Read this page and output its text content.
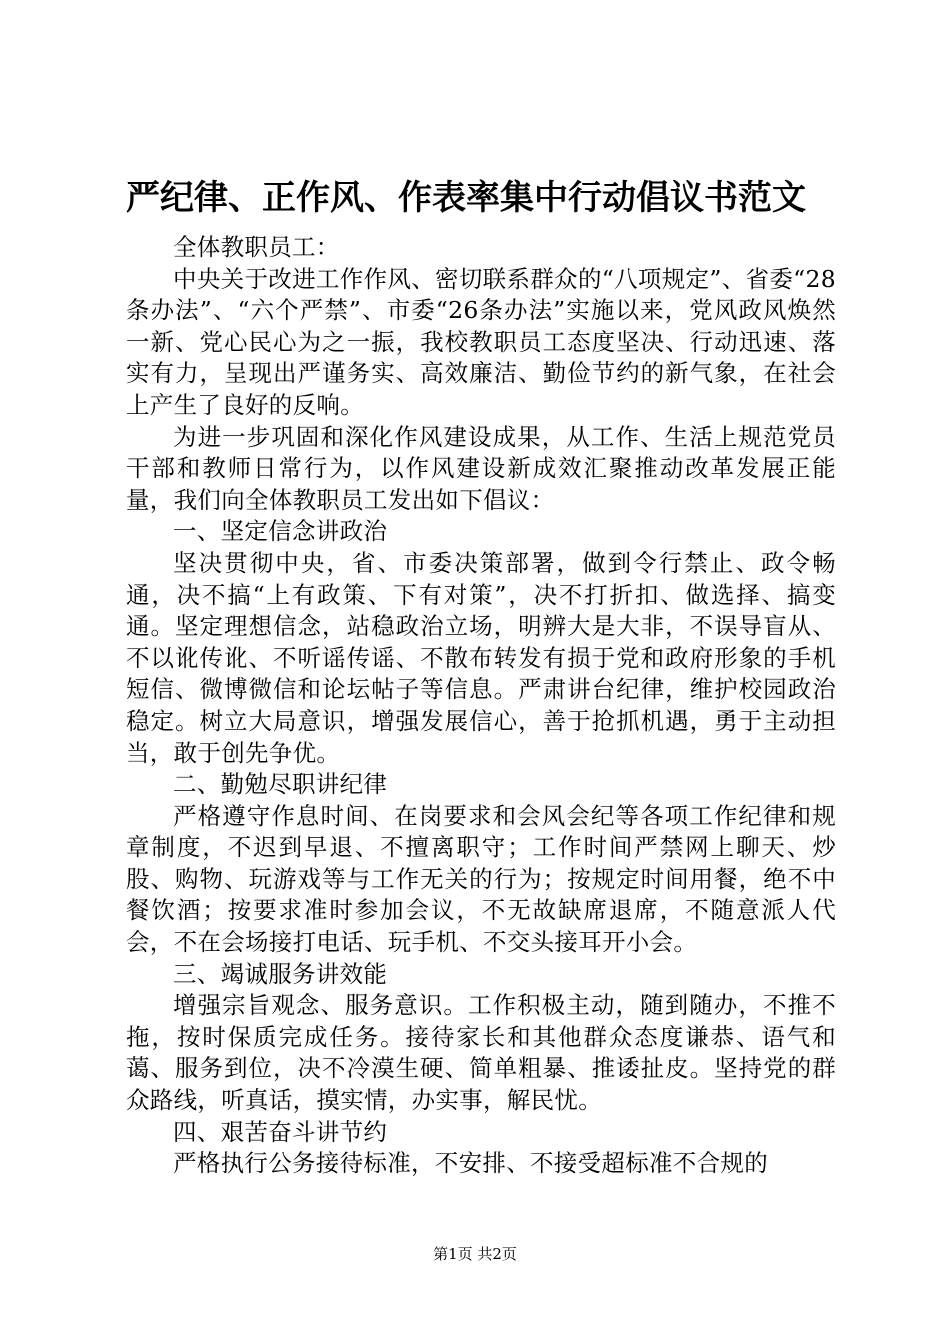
严纪律、正作风、作表率集中行动倡议书范文

全体教职员工：

中央关于改进工作作风、密切联系群众的“八项规定”、省委“28条办法”、“六个严禁”、市委“26条办法”实施以来，党风政风焕然一新、党心民心为之一振，我校教职员工态度坚决、行动迅速、落实有力，呈现出严谨务实、高效廉洁、勤俭节约的新气象，在社会上产生了良好的反响。

为进一步巩固和深化作风建设成果，从工作、生活上规范党员干部和教师日常行为，以作风建设新成效汇聚推动改革发展正能量，我们向全体教职员工发出如下倡议：

一、坚定信念讲政治

坚决贯彻中央，省、市委决策部署，做到令行禁止、政令畅通，决不搞“上有政策、下有对策”，决不打折扣、做选择、搞变通。坚定理想信念，站稳政治立场，明辨大是大非，不误导盲从、不以讹传讹、不听谣传谣、不散布转发有损于党和政府形象的手机短信、微博微信和论坛帖子等信息。严肃讲台纪律，维护校园政治稳定。树立大局意识，增强发展信心，善于抢抓机遇，勇于主动担当，敢于创先争优。

二、勤勉尽职讲纪律

严格遵守作息时间、在岗要求和会风会纪等各项工作纪律和规章制度，不迟到早退、不擅离职守；工作时间严禁网上聊天、炒股、购物、玩游戏等与工作无关的行为；按规定时间用餐，绝不中餐饮酒；按要求准时参加会议，不无故缺席退席，不随意派人代会，不在会场接打电话、玩手机、不交头接耳开小会。

三、竭诚服务讲效能

增强宗旨观念、服务意识。工作积极主动，随到随办，不推不拖，按时保质完成任务。接待家长和其他群众态度谦恭、语气和蔼、服务到位，决不冷漠生硬、简单粗暴、推诿扯皮。坚持党的群众路线，听真话，摸实情，办实事，解民忧。

四、艰苦奋斗讲节约

严格执行公务接待标准，不安排、不接受超标准不合规的

第1页 共2页
